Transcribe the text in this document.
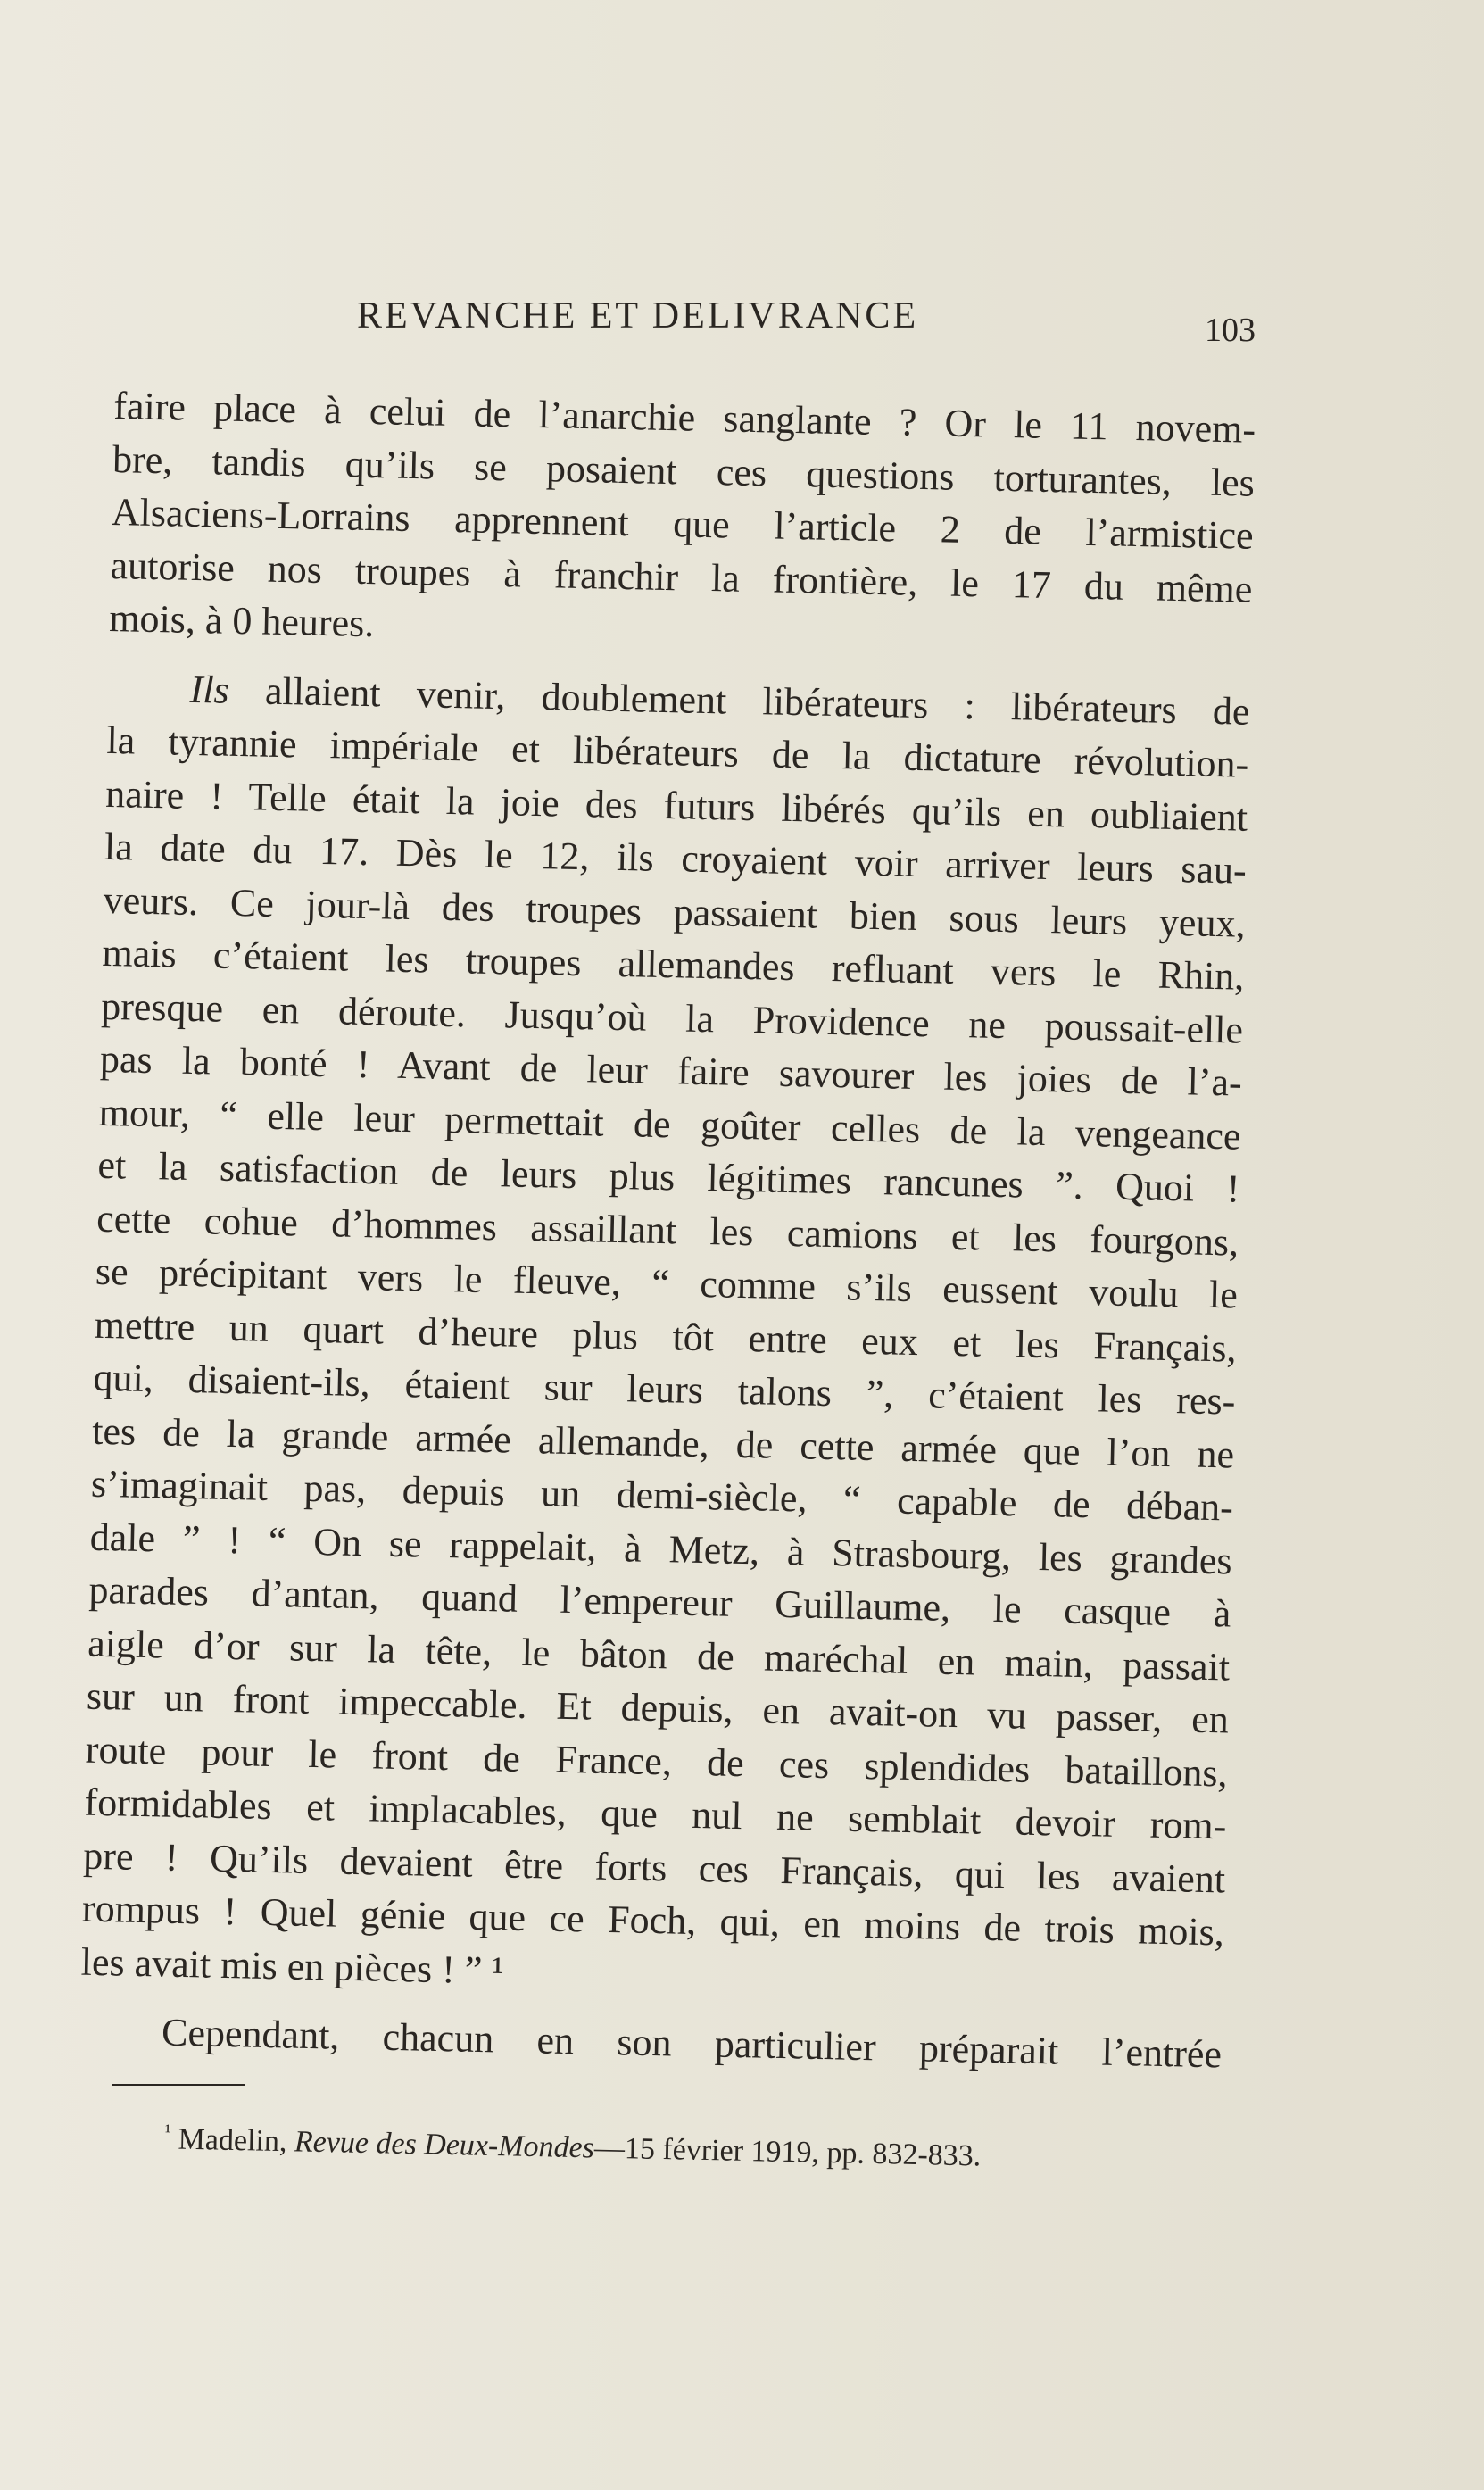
REVANCHE ET DELIVRANCE	103
faire place à celui de l’anarchie sanglante ? Or le 11 novem-
bre, tandis qu’ils se posaient ces questions torturantes, les
Alsaciens-Lorrains apprennent que l’article 2 de l’armistice
autorise nos troupes à franchir la frontière, le 17 du même
mois, à 0 heures.
Ils allaient venir, doublement libérateurs : libérateurs de
la tyrannie impériale et libérateurs de la dictature révolution-
naire ! Telle était la joie des futurs libérés qu’ils en oubliaient
la date du 17. Dès le 12, ils croyaient voir arriver leurs sau-
veurs. Ce jour-là des troupes passaient bien sous leurs yeux,
mais c’étaient les troupes allemandes refluant vers le Rhin,
presque en déroute. Jusqu’où la Providence ne poussait-elle
pas la bonté ! Avant de leur faire savourer les joies de l’a-
mour, “ elle leur permettait de goûter celles de la vengeance
et la satisfaction de leurs plus légitimes rancunes ”. Quoi !
cette cohue d’hommes assaillant les camions et les fourgons,
se précipitant vers le fleuve, “ comme s’ils eussent voulu le
mettre un quart d’heure plus tôt entre eux et les Français,
qui, disaient-ils, étaient sur leurs talons ”, c’étaient les res-
tes de la grande armée allemande, de cette armée que l’on ne
s’imaginait pas, depuis un demi-siècle, “ capable de déban-
dale ” ! “ On se rappelait, à Metz, à Strasbourg, les grandes
parades d’antan, quand l’empereur Guillaume, le casque à
aigle d’or sur la tête, le bâton de maréchal en main, passait
sur un front impeccable. Et depuis, en avait-on vu passer, en
route pour le front de France, de ces splendides bataillons,
formidables et implacables, que nul ne semblait devoir rom-
pre ! Qu’ils devaient être forts ces Français, qui les avaient
rompus ! Quel génie que ce Foch, qui, en moins de trois mois,
les avait mis en pièces ! ” ¹
Cependant, chacun en son particulier préparait l’entrée
$^{^1}$ Madelin, Revue des Deux-Mondes—15 février 1919, pp. 832-833.
